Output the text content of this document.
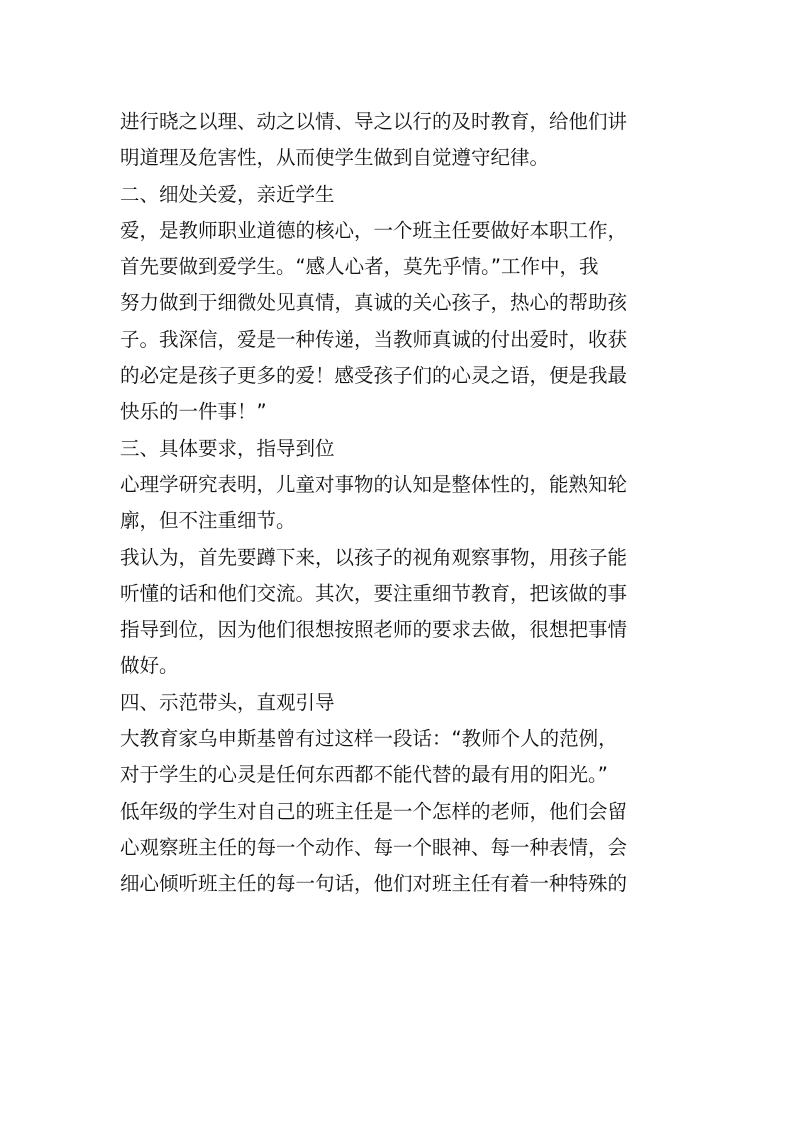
进行晓之以理、动之以情、导之以行的及时教育，给他们讲
明道理及危害性，从而使学生做到自觉遵守纪律。
二、细处关爱，亲近学生
爱，是教师职业道德的核心，一个班主任要做好本职工作，
首先要做到爱学生。“感人心者，莫先乎情。”工作中，我
努力做到于细微处见真情，真诚的关心孩子，热心的帮助孩
子。我深信，爱是一种传递，当教师真诚的付出爱时，收获
的必定是孩子更多的爱！感受孩子们的心灵之语，便是我最
快乐的一件事！”
三、具体要求，指导到位
心理学研究表明，儿童对事物的认知是整体性的，能熟知轮
廓，但不注重细节。
我认为，首先要蹲下来，以孩子的视角观察事物，用孩子能
听懂的话和他们交流。其次，要注重细节教育，把该做的事
指导到位，因为他们很想按照老师的要求去做，很想把事情
做好。
四、示范带头，直观引导
大教育家乌申斯基曾有过这样一段话：“教师个人的范例，
对于学生的心灵是任何东西都不能代替的最有用的阳光。”
低年级的学生对自己的班主任是一个怎样的老师，他们会留
心观察班主任的每一个动作、每一个眼神、每一种表情，会
细心倾听班主任的每一句话，他们对班主任有着一种特殊的
